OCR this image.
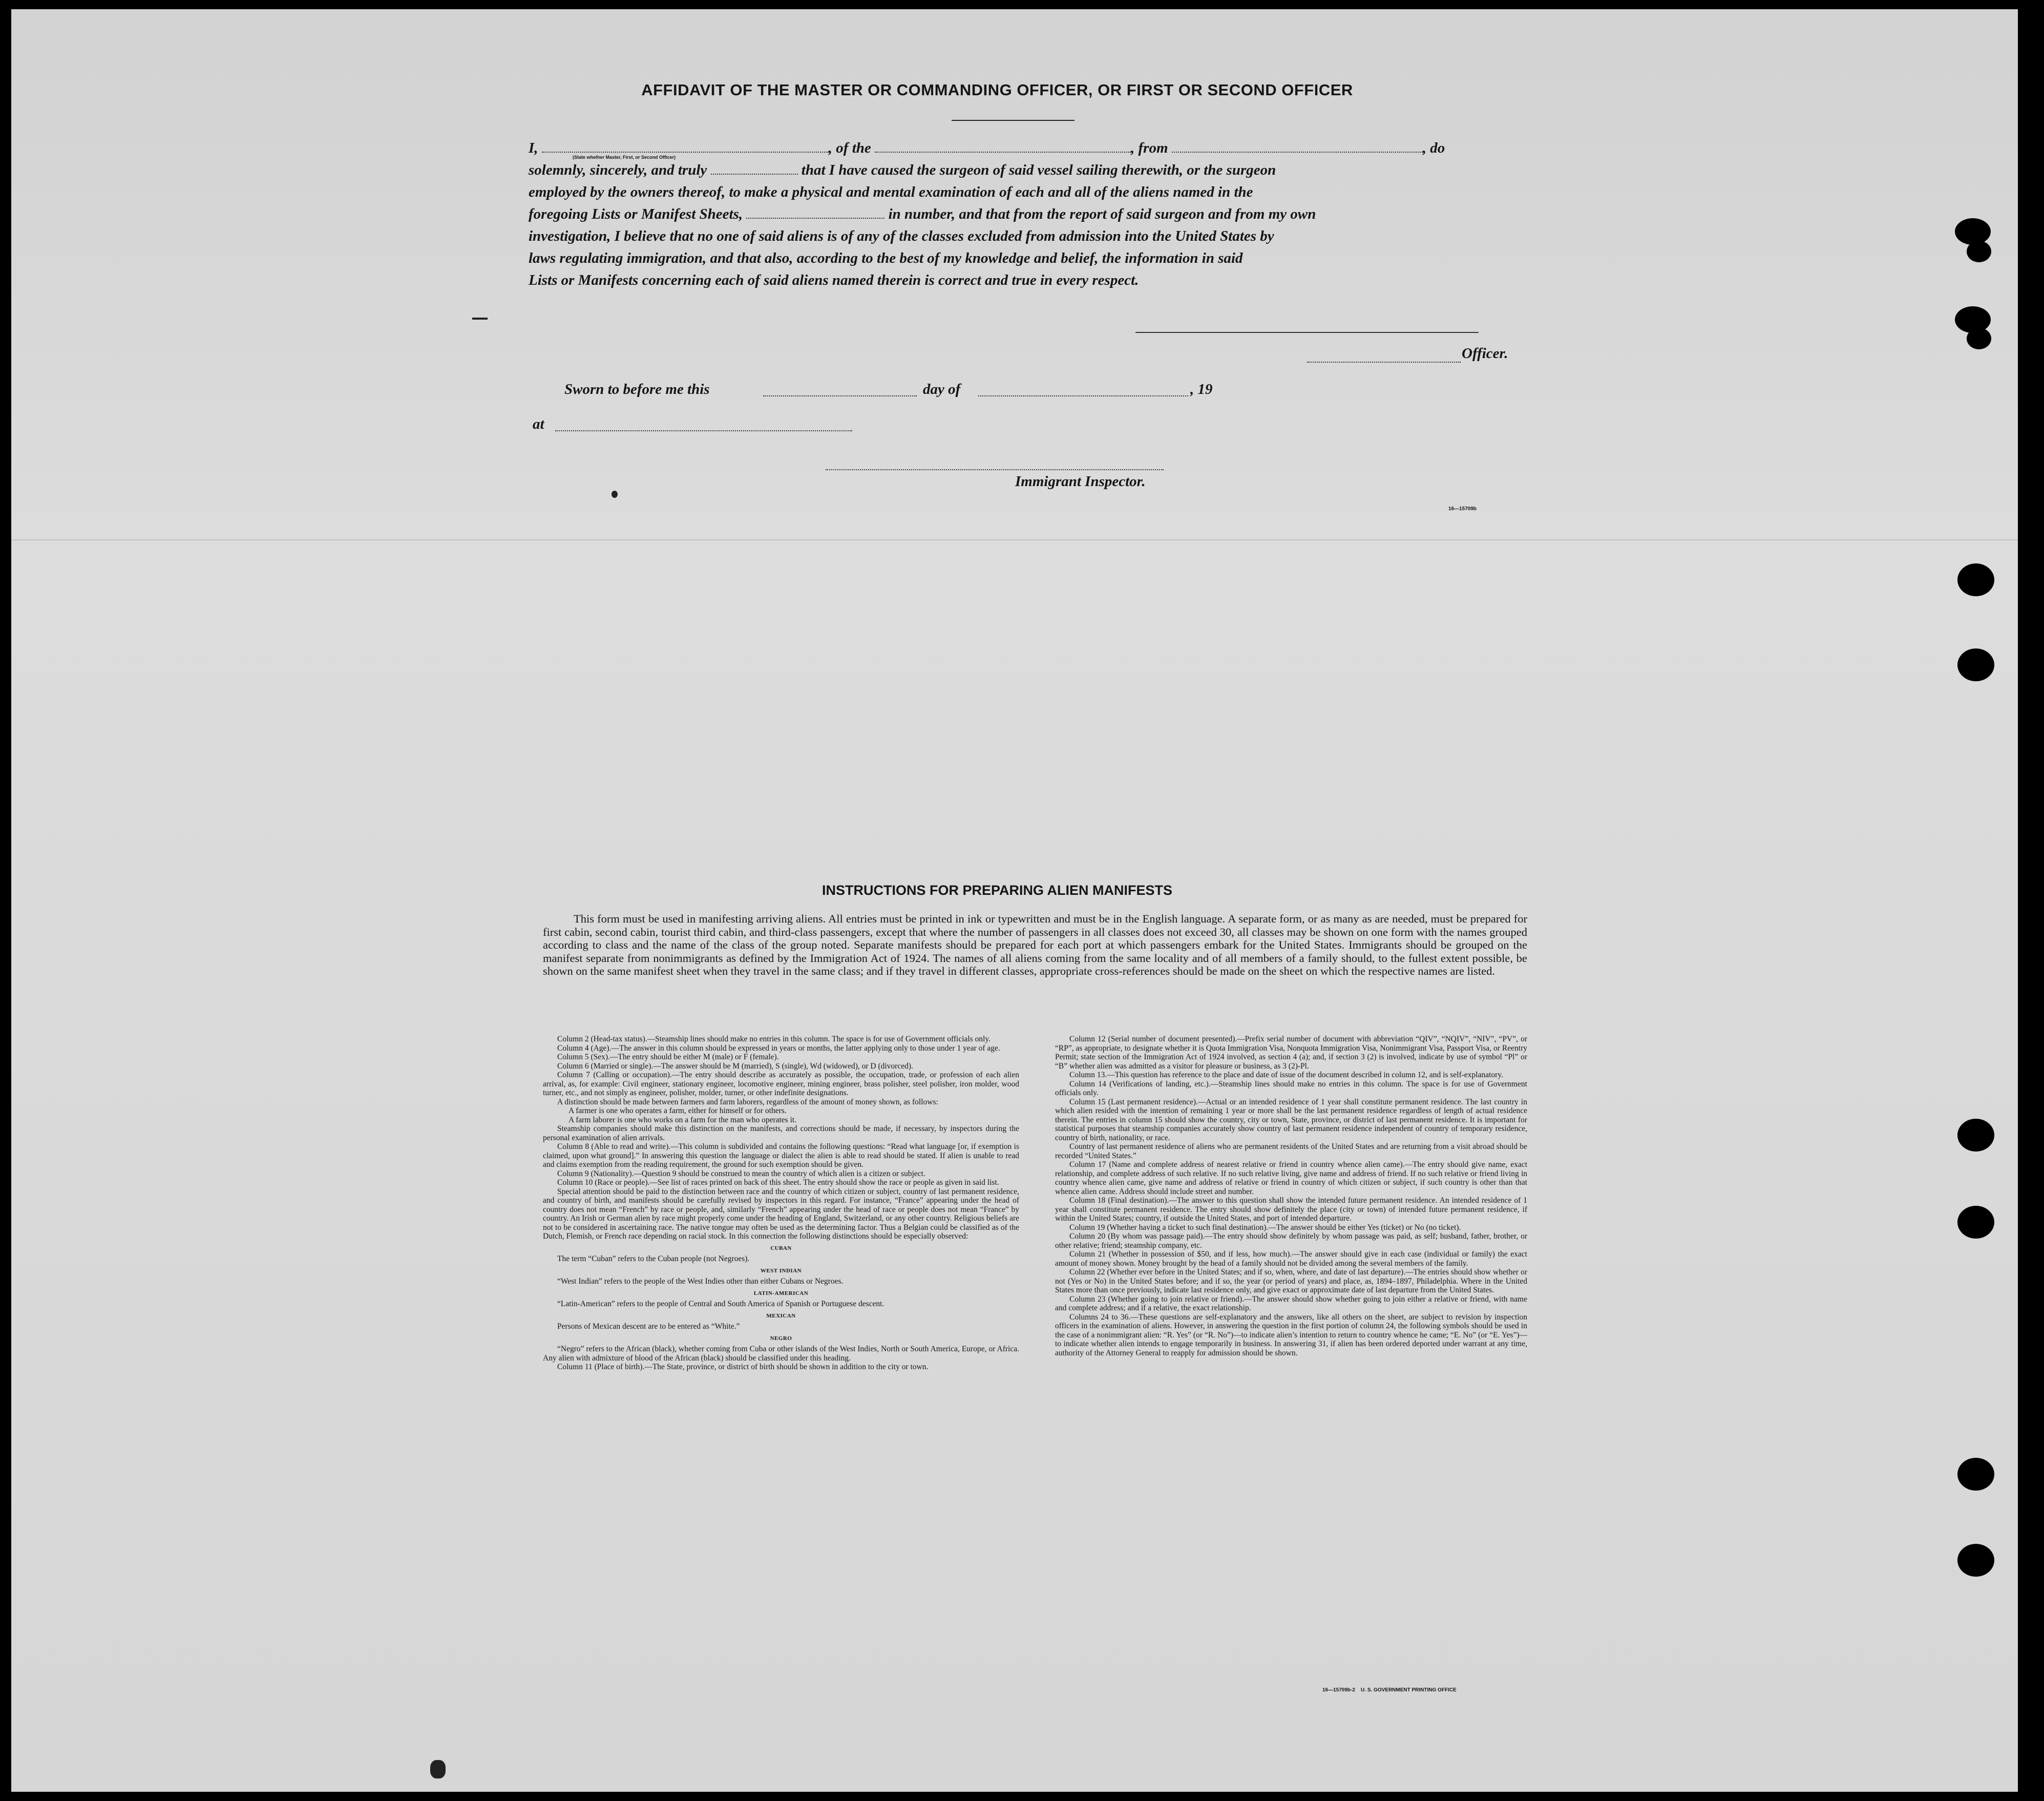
AFFIDAVIT OF THE MASTER OR COMMANDING OFFICER, OR FIRST OR SECOND OFFICER
I,	, of the	, from	, do
solemnly, sincerely, and truly	that I have caused the surgeon of said vessel sailing therewith, or the surgeon
employed by the owners thereof, to make a physical and mental examination of each and all of the aliens named in the
foregoing Lists or Manifest Sheets,	in number, and that from the report of said surgeon and from my own
investigation, I believe that no one of said aliens is of any of the classes excluded from admission into the United States by
laws regulating immigration, and that also, according to the best of my knowledge and belief, the information in said
Lists or Manifests concerning each of said aliens named therein is correct and true in every respect.
(State whether Master, First, or Second Officer)
Officer.
Sworn to before me this	day of	, 19
at
Immigrant Inspector.
16—15709b
INSTRUCTIONS FOR PREPARING ALIEN MANIFESTS

This form must be used in manifesting arriving aliens. All entries must be printed in ink or typewritten and must be in the English language. A separate form, or as many as are needed, must be prepared for first cabin, second cabin, tourist third cabin, and third-class passengers, except that where the number of passengers in all classes does not exceed 30, all classes may be shown on one form with the names grouped according to class and the name of the class of the group noted. Separate manifests should be prepared for each port at which passengers embark for the United States. Immigrants should be grouped on the manifest separate from nonimmigrants as defined by the Immigration Act of 1924. The names of all aliens coming from the same locality and of all members of a family should, to the fullest extent possible, be shown on the same manifest sheet when they travel in the same class; and if they travel in different classes, appropriate cross-references should be made on the sheet on which the respective names are listed.

Column 2 (Head-tax status).—Steamship lines should make no entries in this column. The space is for use of Government officials only.

Column 4 (Age).—The answer in this column should be expressed in years or months, the latter applying only to those under 1 year of age.

Column 5 (Sex).—The entry should be either M (male) or F (female).

Column 6 (Married or single).—The answer should be M (married), S (single), Wd (widowed), or D (divorced).

Column 7 (Calling or occupation).—The entry should describe as accurately as possible, the occupation, trade, or profession of each alien arrival, as, for example: Civil engineer, stationary engineer, locomotive engineer, mining engineer, brass polisher, steel polisher, iron molder, wood turner, etc., and not simply as engineer, polisher, molder, turner, or other indefinite designations.

A distinction should be made between farmers and farm laborers, regardless of the amount of money shown, as follows:

A farmer is one who operates a farm, either for himself or for others.

A farm laborer is one who works on a farm for the man who operates it.

Steamship companies should make this distinction on the manifests, and corrections should be made, if necessary, by inspectors during the personal examination of alien arrivals.

Column 8 (Able to read and write).—This column is subdivided and contains the following questions: “Read what language [or, if exemption is claimed, upon what ground].” In answering this question the language or dialect the alien is able to read should be stated. If alien is unable to read and claims exemption from the reading requirement, the ground for such exemption should be given.

Column 9 (Nationality).—Question 9 should be construed to mean the country of which alien is a citizen or subject.

Column 10 (Race or people).—See list of races printed on back of this sheet. The entry should show the race or people as given in said list.

Special attention should be paid to the distinction between race and the country of which citizen or subject, country of last permanent residence, and country of birth, and manifests should be carefully revised by inspectors in this regard. For instance, “France” appearing under the head of country does not mean “French” by race or people, and, similarly “French” appearing under the head of race or people does not mean “France” by country. An Irish or German alien by race might properly come under the heading of England, Switzerland, or any other country. Religious beliefs are not to be considered in ascertaining race. The native tongue may often be used as the determining factor. Thus a Belgian could be classified as of the Dutch, Flemish, or French race depending on racial stock. In this connection the following distinctions should be especially observed:

CUBAN

The term “Cuban” refers to the Cuban people (not Negroes).

WEST INDIAN

“West Indian” refers to the people of the West Indies other than either Cubans or Negroes.

LATIN-AMERICAN

“Latin-American” refers to the people of Central and South America of Spanish or Portuguese descent.

MEXICAN

Persons of Mexican descent are to be entered as “White.”

NEGRO

“Negro” refers to the African (black), whether coming from Cuba or other islands of the West Indies, North or South America, Europe, or Africa. Any alien with admixture of blood of the African (black) should be classified under this heading.

Column 11 (Place of birth).—The State, province, or district of birth should be shown in addition to the city or town.

Column 12 (Serial number of document presented).—Prefix serial number of document with abbreviation “QIV”, “NQIV”, “NIV”, “PV”, or “RP”, as appropriate, to designate whether it is Quota Immigration Visa, Nonquota Immigration Visa, Nonimmigrant Visa, Passport Visa, or Reentry Permit; state section of the Immigration Act of 1924 involved, as section 4 (a); and, if section 3 (2) is involved, indicate by use of symbol “Pl” or “B” whether alien was admitted as a visitor for pleasure or business, as 3 (2)-Pl.

Column 13.—This question has reference to the place and date of issue of the document described in column 12, and is self-explanatory.

Column 14 (Verifications of landing, etc.).—Steamship lines should make no entries in this column. The space is for use of Government officials only.

Column 15 (Last permanent residence).—Actual or an intended residence of 1 year shall constitute permanent residence. The last country in which alien resided with the intention of remaining 1 year or more shall be the last permanent residence regardless of length of actual residence therein. The entries in column 15 should show the country, city or town, State, province, or district of last permanent residence. It is important for statistical purposes that steamship companies accurately show country of last permanent residence independent of country of temporary residence, country of birth, nationality, or race.

Country of last permanent residence of aliens who are permanent residents of the United States and are returning from a visit abroad should be recorded “United States.”

Column 17 (Name and complete address of nearest relative or friend in country whence alien came).—The entry should give name, exact relationship, and complete address of such relative. If no such relative living, give name and address of friend. If no such relative or friend living in country whence alien came, give name and address of relative or friend in country of which citizen or subject, if such country is other than that whence alien came. Address should include street and number.

Column 18 (Final destination).—The answer to this question shall show the intended future permanent residence. An intended residence of 1 year shall constitute permanent residence. The entry should show definitely the place (city or town) of intended future permanent residence, if within the United States; country, if outside the United States, and port of intended departure.

Column 19 (Whether having a ticket to such final destination).—The answer should be either Yes (ticket) or No (no ticket).

Column 20 (By whom was passage paid).—The entry should show definitely by whom passage was paid, as self; husband, father, brother, or other relative; friend; steamship company, etc.

Column 21 (Whether in possession of $50, and if less, how much).—The answer should give in each case (individual or family) the exact amount of money shown. Money brought by the head of a family should not be divided among the several members of the family.

Column 22 (Whether ever before in the United States; and if so, when, where, and date of last departure).—The entries should show whether or not (Yes or No) in the United States before; and if so, the year (or period of years) and place, as, 1894–1897, Philadelphia. Where in the United States more than once previously, indicate last residence only, and give exact or approximate date of last departure from the United States.

Column 23 (Whether going to join relative or friend).—The answer should show whether going to join either a relative or friend, with name and complete address; and if a relative, the exact relationship.

Columns 24 to 36.—These questions are self-explanatory and the answers, like all others on the sheet, are subject to revision by inspection officers in the examination of aliens. However, in answering the question in the first portion of column 24, the following symbols should be used in the case of a nonimmigrant alien: “R. Yes” (or “R. No”)—to indicate alien’s intention to return to country whence he came; “E. No” (or “E. Yes”)—to indicate whether alien intends to engage temporarily in business. In answering 31, if alien has been ordered deported under warrant at any time, authority of the Attorney General to reapply for admission should be shown.

16—15709b-2    U. S. GOVERNMENT PRINTING OFFICE
